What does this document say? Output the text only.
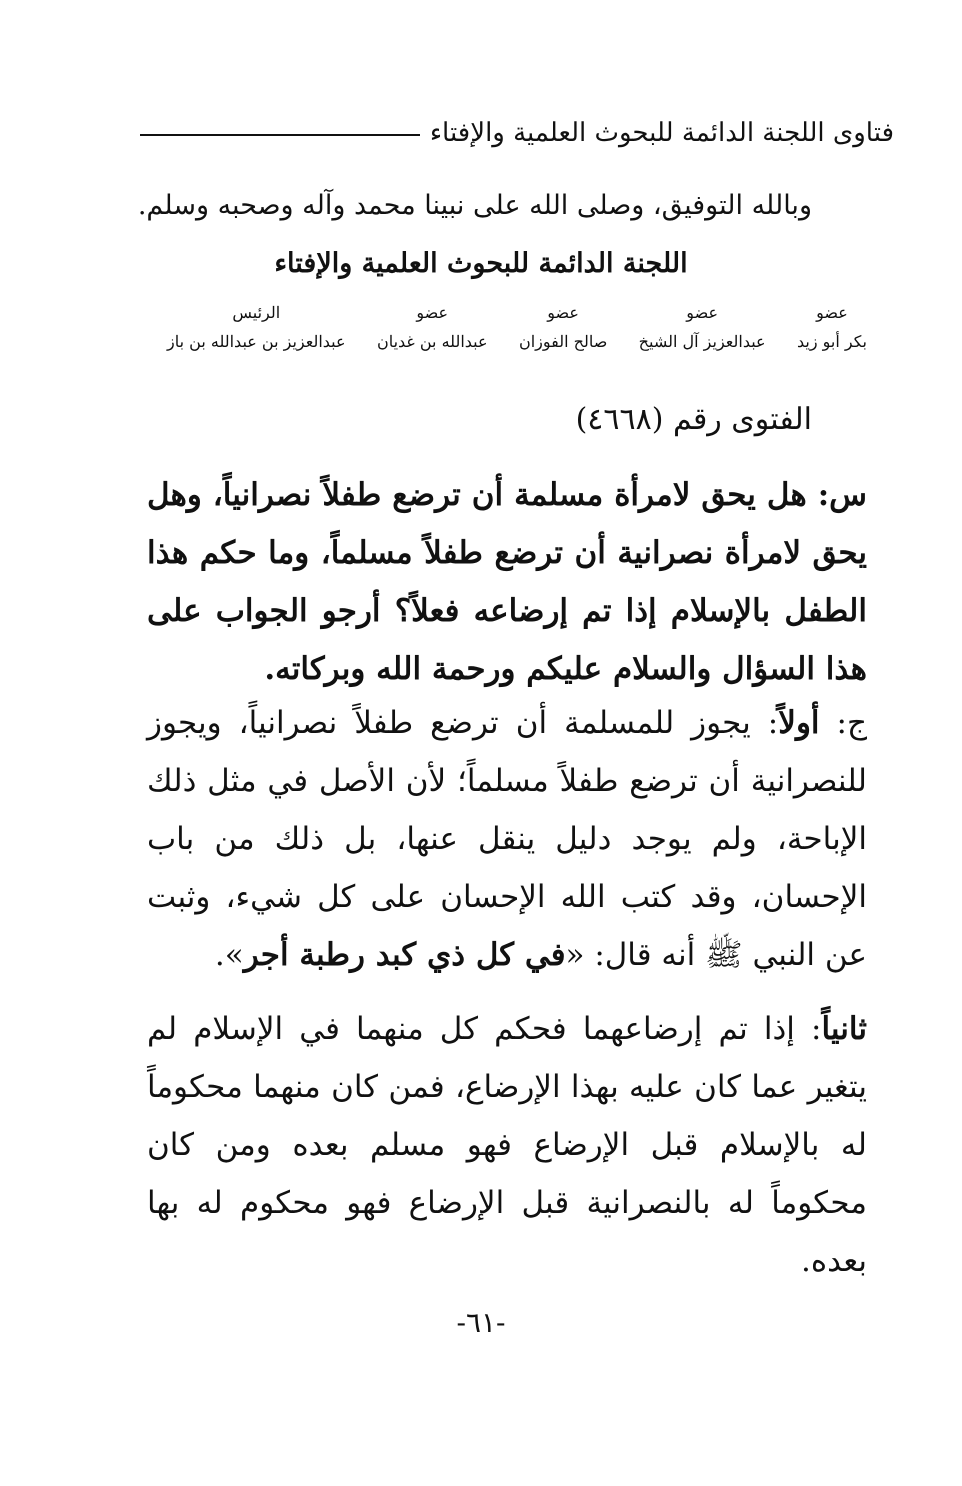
فتاوى اللجنة الدائمة للبحوث العلمية والإفتاء
وبالله التوفيق، وصلى الله على نبينا محمد وآله وصحبه وسلم.
اللجنة الدائمة للبحوث العلمية والإفتاء
عضو
بكر أبو زيد
عضو
عبدالعزيز آل الشيخ
عضو
صالح الفوزان
عضو
عبدالله بن غديان
الرئيس
عبدالعزيز بن عبدالله بن باز
الفتوى رقم (٤٦٦٨)

س: هل يحق لامرأة مسلمة أن ترضع طفلاً نصرانياً، وهل يحق لامرأة نصرانية أن ترضع طفلاً مسلماً، وما حكم هذا الطفل بالإسلام إذا تم إرضاعه فعلاً؟ أرجو الجواب على هذا السؤال والسلام عليكم ورحمة الله وبركاته.

ج: أولاً: يجوز للمسلمة أن ترضع طفلاً نصرانياً، ويجوز للنصرانية أن ترضع طفلاً مسلماً؛ لأن الأصل في مثل ذلك الإباحة، ولم يوجد دليل ينقل عنها، بل ذلك من باب الإحسان، وقد كتب الله الإحسان على كل شيء، وثبت عن النبي ﷺ أنه قال: «في كل ذي كبد رطبة أجر».

ثانياً: إذا تم إرضاعهما فحكم كل منهما في الإسلام لم يتغير عما كان عليه بهذا الإرضاع، فمن كان منهما محكوماً له بالإسلام قبل الإرضاع فهو مسلم بعده ومن كان محكوماً له بالنصرانية قبل الإرضاع فهو محكوم له بها بعده.

-٦١-
